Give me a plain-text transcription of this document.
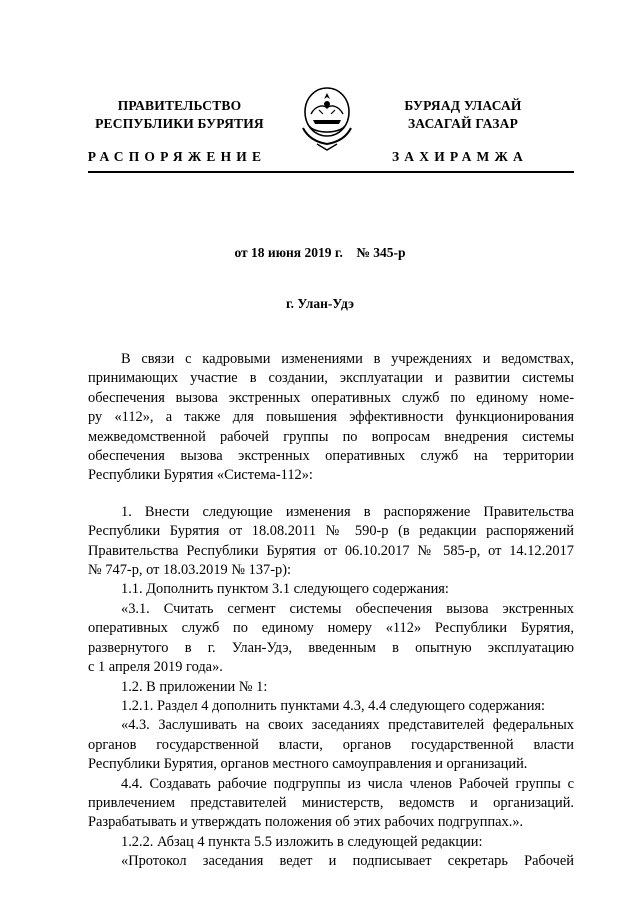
ПРАВИТЕЛЬСТВО
РЕСПУБЛИКИ БУРЯТИЯ
БУРЯАД УЛАСАЙ
ЗАСАГАЙ ГАЗАР
РАСПОРЯЖЕНИЕ	ЗАХИРАМЖА
от 18 июня 2019 г.    № 345-р
г. Улан-Удэ
В связи с кадровыми изменениями в учреждениях и ведомствах,
принимающих участие в создании, эксплуатации и развитии системы
обеспечения вызова экстренных оперативных служб по единому номе-
ру «112», а также для повышения эффективности функционирования
межведомственной рабочей группы по вопросам внедрения системы
обеспечения вызова экстренных оперативных служб на территории
Республики Бурятия «Система-112»:
1. Внести следующие изменения в распоряжение Правительства
Республики Бурятия от 18.08.2011 № 590-р (в редакции распоряжений
Правительства Республики Бурятия от 06.10.2017 № 585-р, от 14.12.2017
№ 747-р, от 18.03.2019 № 137-р):
1.1. Дополнить пунктом 3.1 следующего содержания:
«3.1. Считать сегмент системы обеспечения вызова экстренных
оперативных служб по единому номеру «112» Республики Бурятия,
развернутого в г. Улан-Удэ, введенным в опытную эксплуатацию
с 1 апреля 2019 года».
1.2. В приложении № 1:
1.2.1. Раздел 4 дополнить пунктами 4.3, 4.4 следующего содержания:
«4.3. Заслушивать на своих заседаниях представителей федеральных
органов государственной власти, органов государственной власти
Республики Бурятия, органов местного самоуправления и организаций.
4.4. Создавать рабочие подгруппы из числа членов Рабочей группы с
привлечением представителей министерств, ведомств и организаций.
Разрабатывать и утверждать положения об этих рабочих подгруппах.».
1.2.2. Абзац 4 пункта 5.5 изложить в следующей редакции:
«Протокол заседания ведет и подписывает секретарь Рабочей
